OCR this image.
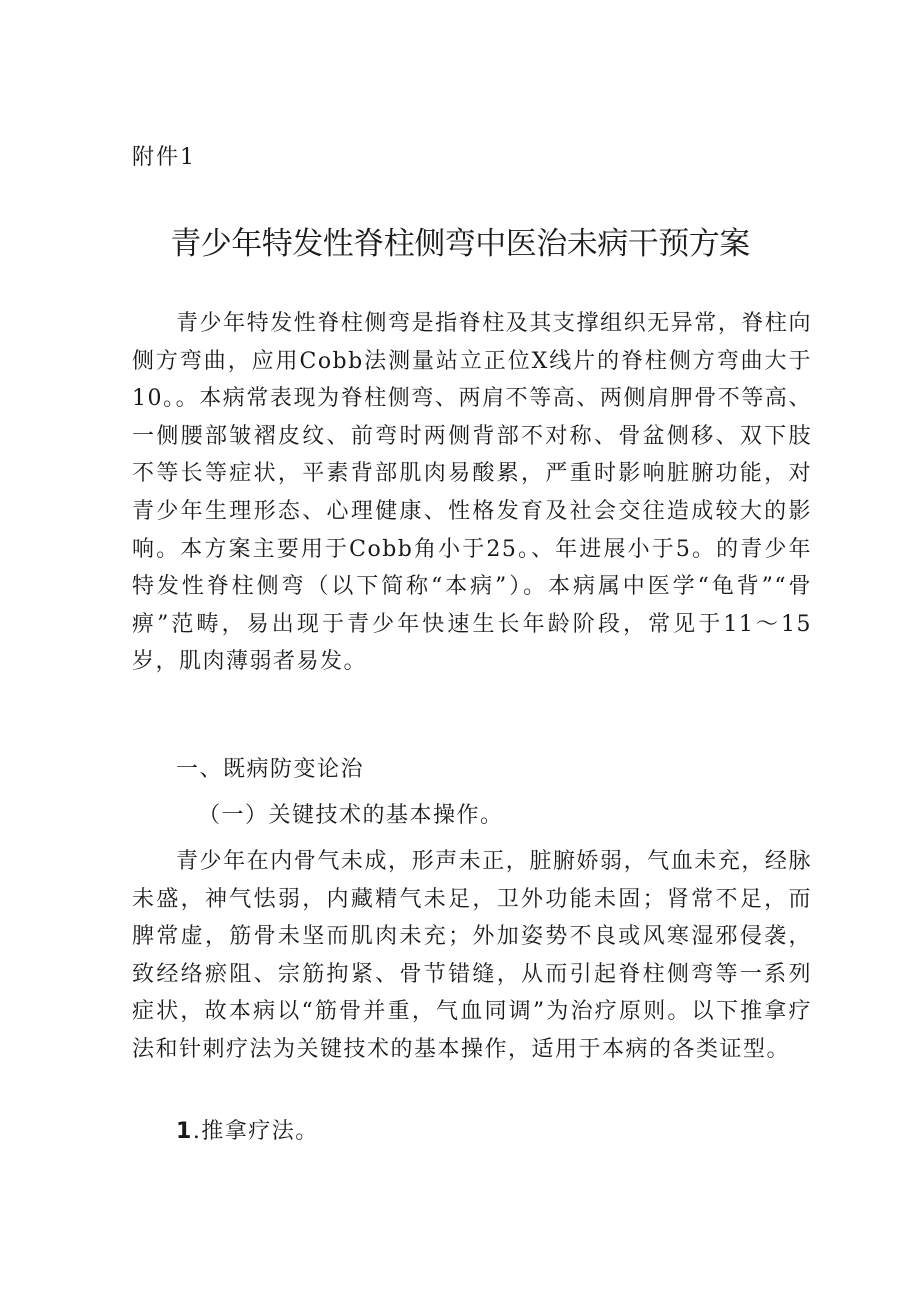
附件1
青少年特发性脊柱侧弯中医治未病干预方案

青少年特发性脊柱侧弯是指脊柱及其支撑组织无异常，脊柱向侧方弯曲，应用Cobb法测量站立正位X线片的脊柱侧方弯曲大于10。。本病常表现为脊柱侧弯、两肩不等高、两侧肩胛骨不等高、一侧腰部皱褶皮纹、前弯时两侧背部不对称、骨盆侧移、双下肢不等长等症状，平素背部肌肉易酸累，严重时影响脏腑功能，对青少年生理形态、心理健康、性格发育及社会交往造成较大的影响。本方案主要用于Cobb角小于25。、年进展小于5。的青少年特发性脊柱侧弯（以下简称“本病”）。本病属中医学“龟背”“骨痹”范畴，易出现于青少年快速生长年龄阶段，常见于11～15岁，肌肉薄弱者易发。

一、既病防变论治
（一）关键技术的基本操作。

青少年在内骨气未成，形声未正，脏腑娇弱，气血未充，经脉未盛，神气怯弱，内藏精气未足，卫外功能未固；肾常不足，而脾常虚，筋骨未坚而肌肉未充；外加姿势不良或风寒湿邪侵袭，致经络瘀阻、宗筋拘紧、骨节错缝，从而引起脊柱侧弯等一系列症状，故本病以“筋骨并重，气血同调”为治疗原则。以下推拿疗法和针刺疗法为关键技术的基本操作，适用于本病的各类证型。

1.推拿疗法。
